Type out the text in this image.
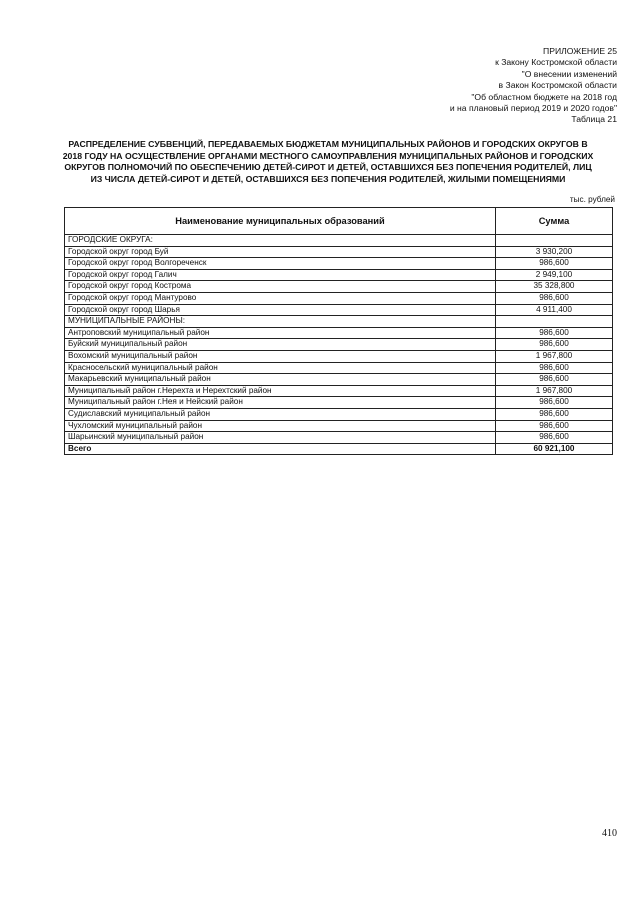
ПРИЛОЖЕНИЕ 25
к Закону Костромской области
"О внесении изменений
в Закон Костромской области
"Об областном бюджете на 2018 год
и на плановый период 2019 и 2020 годов"
Таблица 21
РАСПРЕДЕЛЕНИЕ СУБВЕНЦИЙ, ПЕРЕДАВАЕМЫХ БЮДЖЕТАМ МУНИЦИПАЛЬНЫХ РАЙОНОВ И ГОРОДСКИХ ОКРУГОВ В 2018 ГОДУ НА ОСУЩЕСТВЛЕНИЕ ОРГАНАМИ МЕСТНОГО САМОУПРАВЛЕНИЯ МУНИЦИПАЛЬНЫХ РАЙОНОВ И ГОРОДСКИХ ОКРУГОВ ПОЛНОМОЧИЙ ПО ОБЕСПЕЧЕНИЮ ДЕТЕЙ-СИРОТ И ДЕТЕЙ, ОСТАВШИХСЯ БЕЗ ПОПЕЧЕНИЯ РОДИТЕЛЕЙ, ЛИЦ ИЗ ЧИСЛА ДЕТЕЙ-СИРОТ И ДЕТЕЙ, ОСТАВШИХСЯ БЕЗ ПОПЕЧЕНИЯ РОДИТЕЛЕЙ, ЖИЛЫМИ ПОМЕЩЕНИЯМИ
тыс. рублей
Наименование муниципальных образований	Сумма
ГОРОДСКИЕ ОКРУГА:	
Городской округ город Буй	3 930,200
Городской округ город Волгореченск	986,600
Городской округ город Галич	2 949,100
Городской округ город Кострома	35 328,800
Городской округ город Мантурово	986,600
Городской округ город Шарья	4 911,400
МУНИЦИПАЛЬНЫЕ РАЙОНЫ:	
Антроповский муниципальный район	986,600
Буйский муниципальный район	986,600
Вохомский муниципальный район	1 967,800
Красносельский муниципальный район	986,600
Макарьевский муниципальный район	986,600
Муниципальный район г.Нерехта и Нерехтский район	1 967,800
Муниципальный район г.Нея и Нейский район	986,600
Судиславский муниципальный район	986,600
Чухломский муниципальный район	986,600
Шарьинский муниципальный район	986,600
Всего	60 921,100
410
